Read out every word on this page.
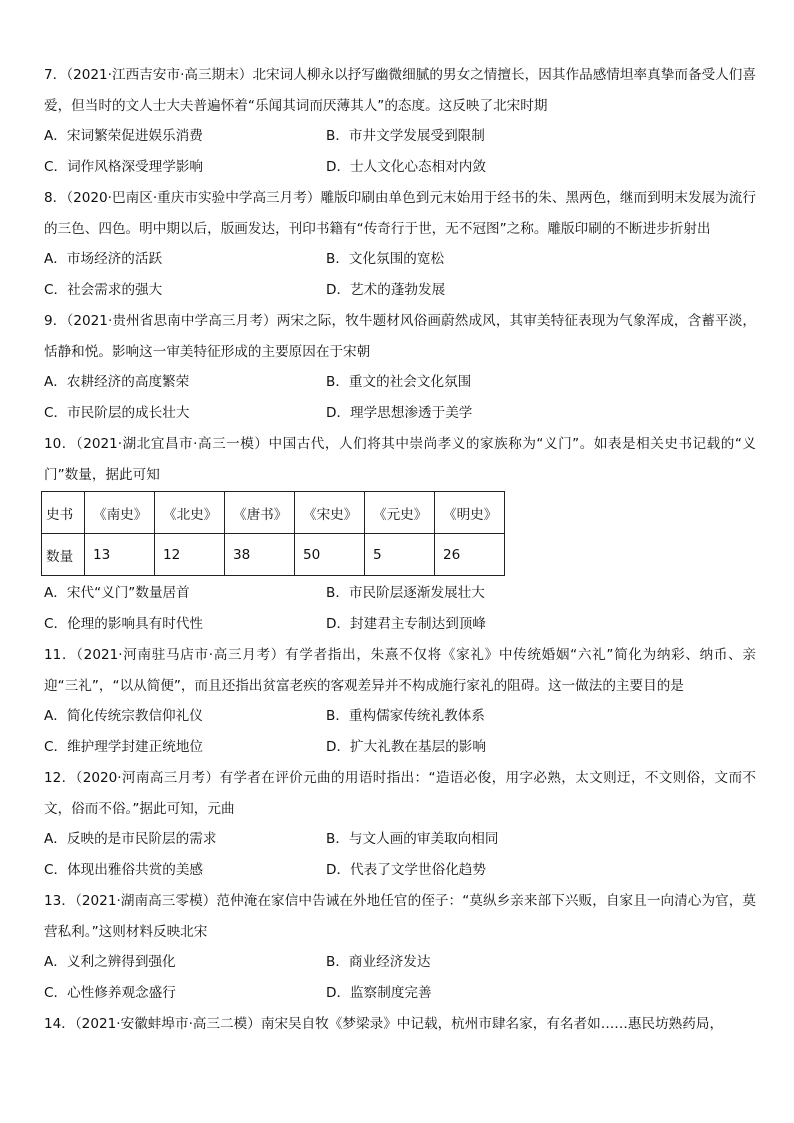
7．（2021·江西吉安市·高三期末）北宋词人柳永以抒写幽微细腻的男女之情擅长，因其作品感情坦率真挚而备受人们喜爱，但当时的文人士大夫普遍怀着“乐闻其词而厌薄其人”的态度。这反映了北宋时期
A．宋词繁荣促进娱乐消费	B．市井文学发展受到限制
C．词作风格深受理学影响	D．士人文化心态相对内敛
8．（2020·巴南区·重庆市实验中学高三月考）雕版印刷由单色到元末始用于经书的朱、黑两色，继而到明末发展为流行的三色、四色。明中期以后，版画发达，刊印书籍有“传奇行于世，无不冠图”之称。雕版印刷的不断进步折射出
A．市场经济的活跃	B．文化氛围的宽松
C．社会需求的强大	D．艺术的蓬勃发展
9．（2021·贵州省思南中学高三月考）两宋之际，牧牛题材风俗画蔚然成风，其审美特征表现为气象浑成，含蓄平淡，恬静和悦。影响这一审美特征形成的主要原因在于宋朝
A．农耕经济的高度繁荣	B．重文的社会文化氛围
C．市民阶层的成长壮大	D．理学思想渗透于美学
10．（2021·湖北宜昌市·高三一模）中国古代，人们将其中崇尚孝义的家族称为“义门”。如表是相关史书记载的“义门”数量，据此可知
史书	《南史》	《北史》	《唐书》	《宋史》	《元史》	《明史》
数量	13	12	38	50	5	26
A．宋代“义门”数量居首	B．市民阶层逐渐发展壮大
C．伦理的影响具有时代性	D．封建君主专制达到顶峰
11．（2021·河南驻马店市·高三月考）有学者指出，朱熹不仅将《家礼》中传统婚姻“六礼”简化为纳彩、纳币、亲迎“三礼”，“以从简便”，而且还指出贫富老疾的客观差异并不构成施行家礼的阻碍。这一做法的主要目的是
A．简化传统宗教信仰礼仪	B．重构儒家传统礼教体系
C．维护理学封建正统地位	D．扩大礼教在基层的影响
12．（2020·河南高三月考）有学者在评价元曲的用语时指出：“造语必俊，用字必熟，太文则迂，不文则俗，文而不文，俗而不俗。”据此可知，元曲
A．反映的是市民阶层的需求	B．与文人画的审美取向相同
C．体现出雅俗共赏的美感	D．代表了文学世俗化趋势
13．（2021·湖南高三零模）范仲淹在家信中告诫在外地任官的侄子：“莫纵乡亲来部下兴贩，自家且一向清心为官，莫营私利。”这则材料反映北宋
A．义利之辨得到强化	B．商业经济发达
C．心性修养观念盛行	D．监察制度完善
14．（2021·安徽蚌埠市·高三二模）南宋吴自牧《梦梁录》中记载，杭州市肆名家，有名者如……惠民坊熟药局，
